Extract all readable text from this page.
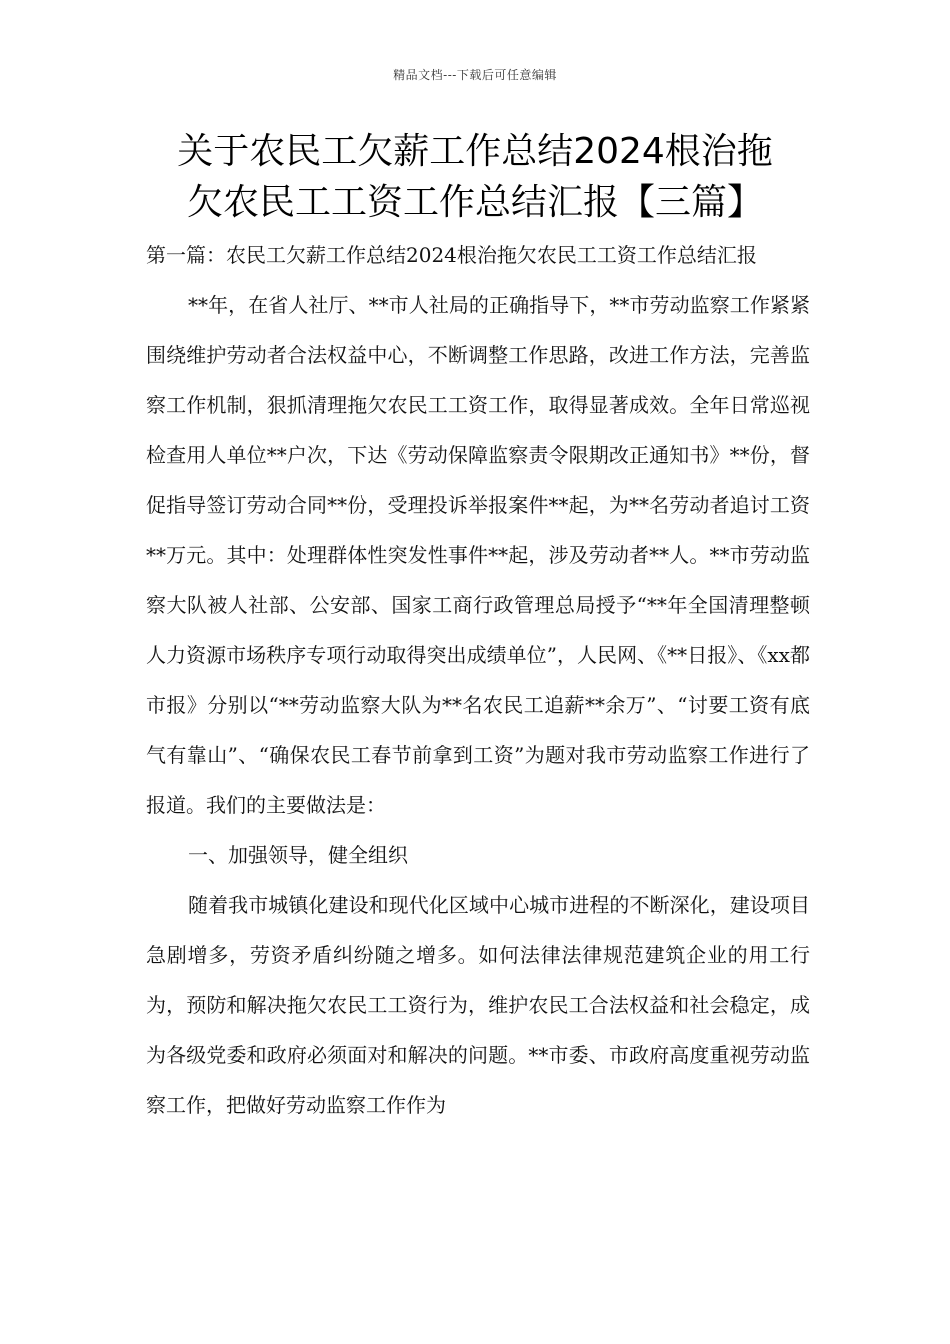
精品文档---下载后可任意编辑
关于农民工欠薪工作总结2024根治拖
欠农民工工资工作总结汇报【三篇】

第一篇：农民工欠薪工作总结2024根治拖欠农民工工资工作总结汇报

**年，在省人社厅、**市人社局的正确指导下，**市劳动监察工作紧紧围绕维护劳动者合法权益中心，不断调整工作思路，改进工作方法，完善监察工作机制，狠抓清理拖欠农民工工资工作，取得显著成效。全年日常巡视检查用人单位**户次，下达《劳动保障监察责令限期改正通知书》**份，督促指导签订劳动合同**份，受理投诉举报案件**起，为**名劳动者追讨工资**万元。其中：处理群体性突发性事件**起，涉及劳动者**人。**市劳动监察大队被人社部、公安部、国家工商行政管理总局授予“**年全国清理整顿人力资源市场秩序专项行动取得突出成绩单位”，人民网、《**日报》、《xx都市报》分别以“**劳动监察大队为**名农民工追薪**余万”、“讨要工资有底气有靠山”、“确保农民工春节前拿到工资”为题对我市劳动监察工作进行了报道。我们的主要做法是：

一、加强领导，健全组织

随着我市城镇化建设和现代化区域中心城市进程的不断深化，建设项目急剧增多，劳资矛盾纠纷随之增多。如何法律法律规范建筑企业的用工行为，预防和解决拖欠农民工工资行为，维护农民工合法权益和社会稳定，成为各级党委和政府必须面对和解决的问题。**市委、市政府高度重视劳动监察工作，把做好劳动监察工作作为
